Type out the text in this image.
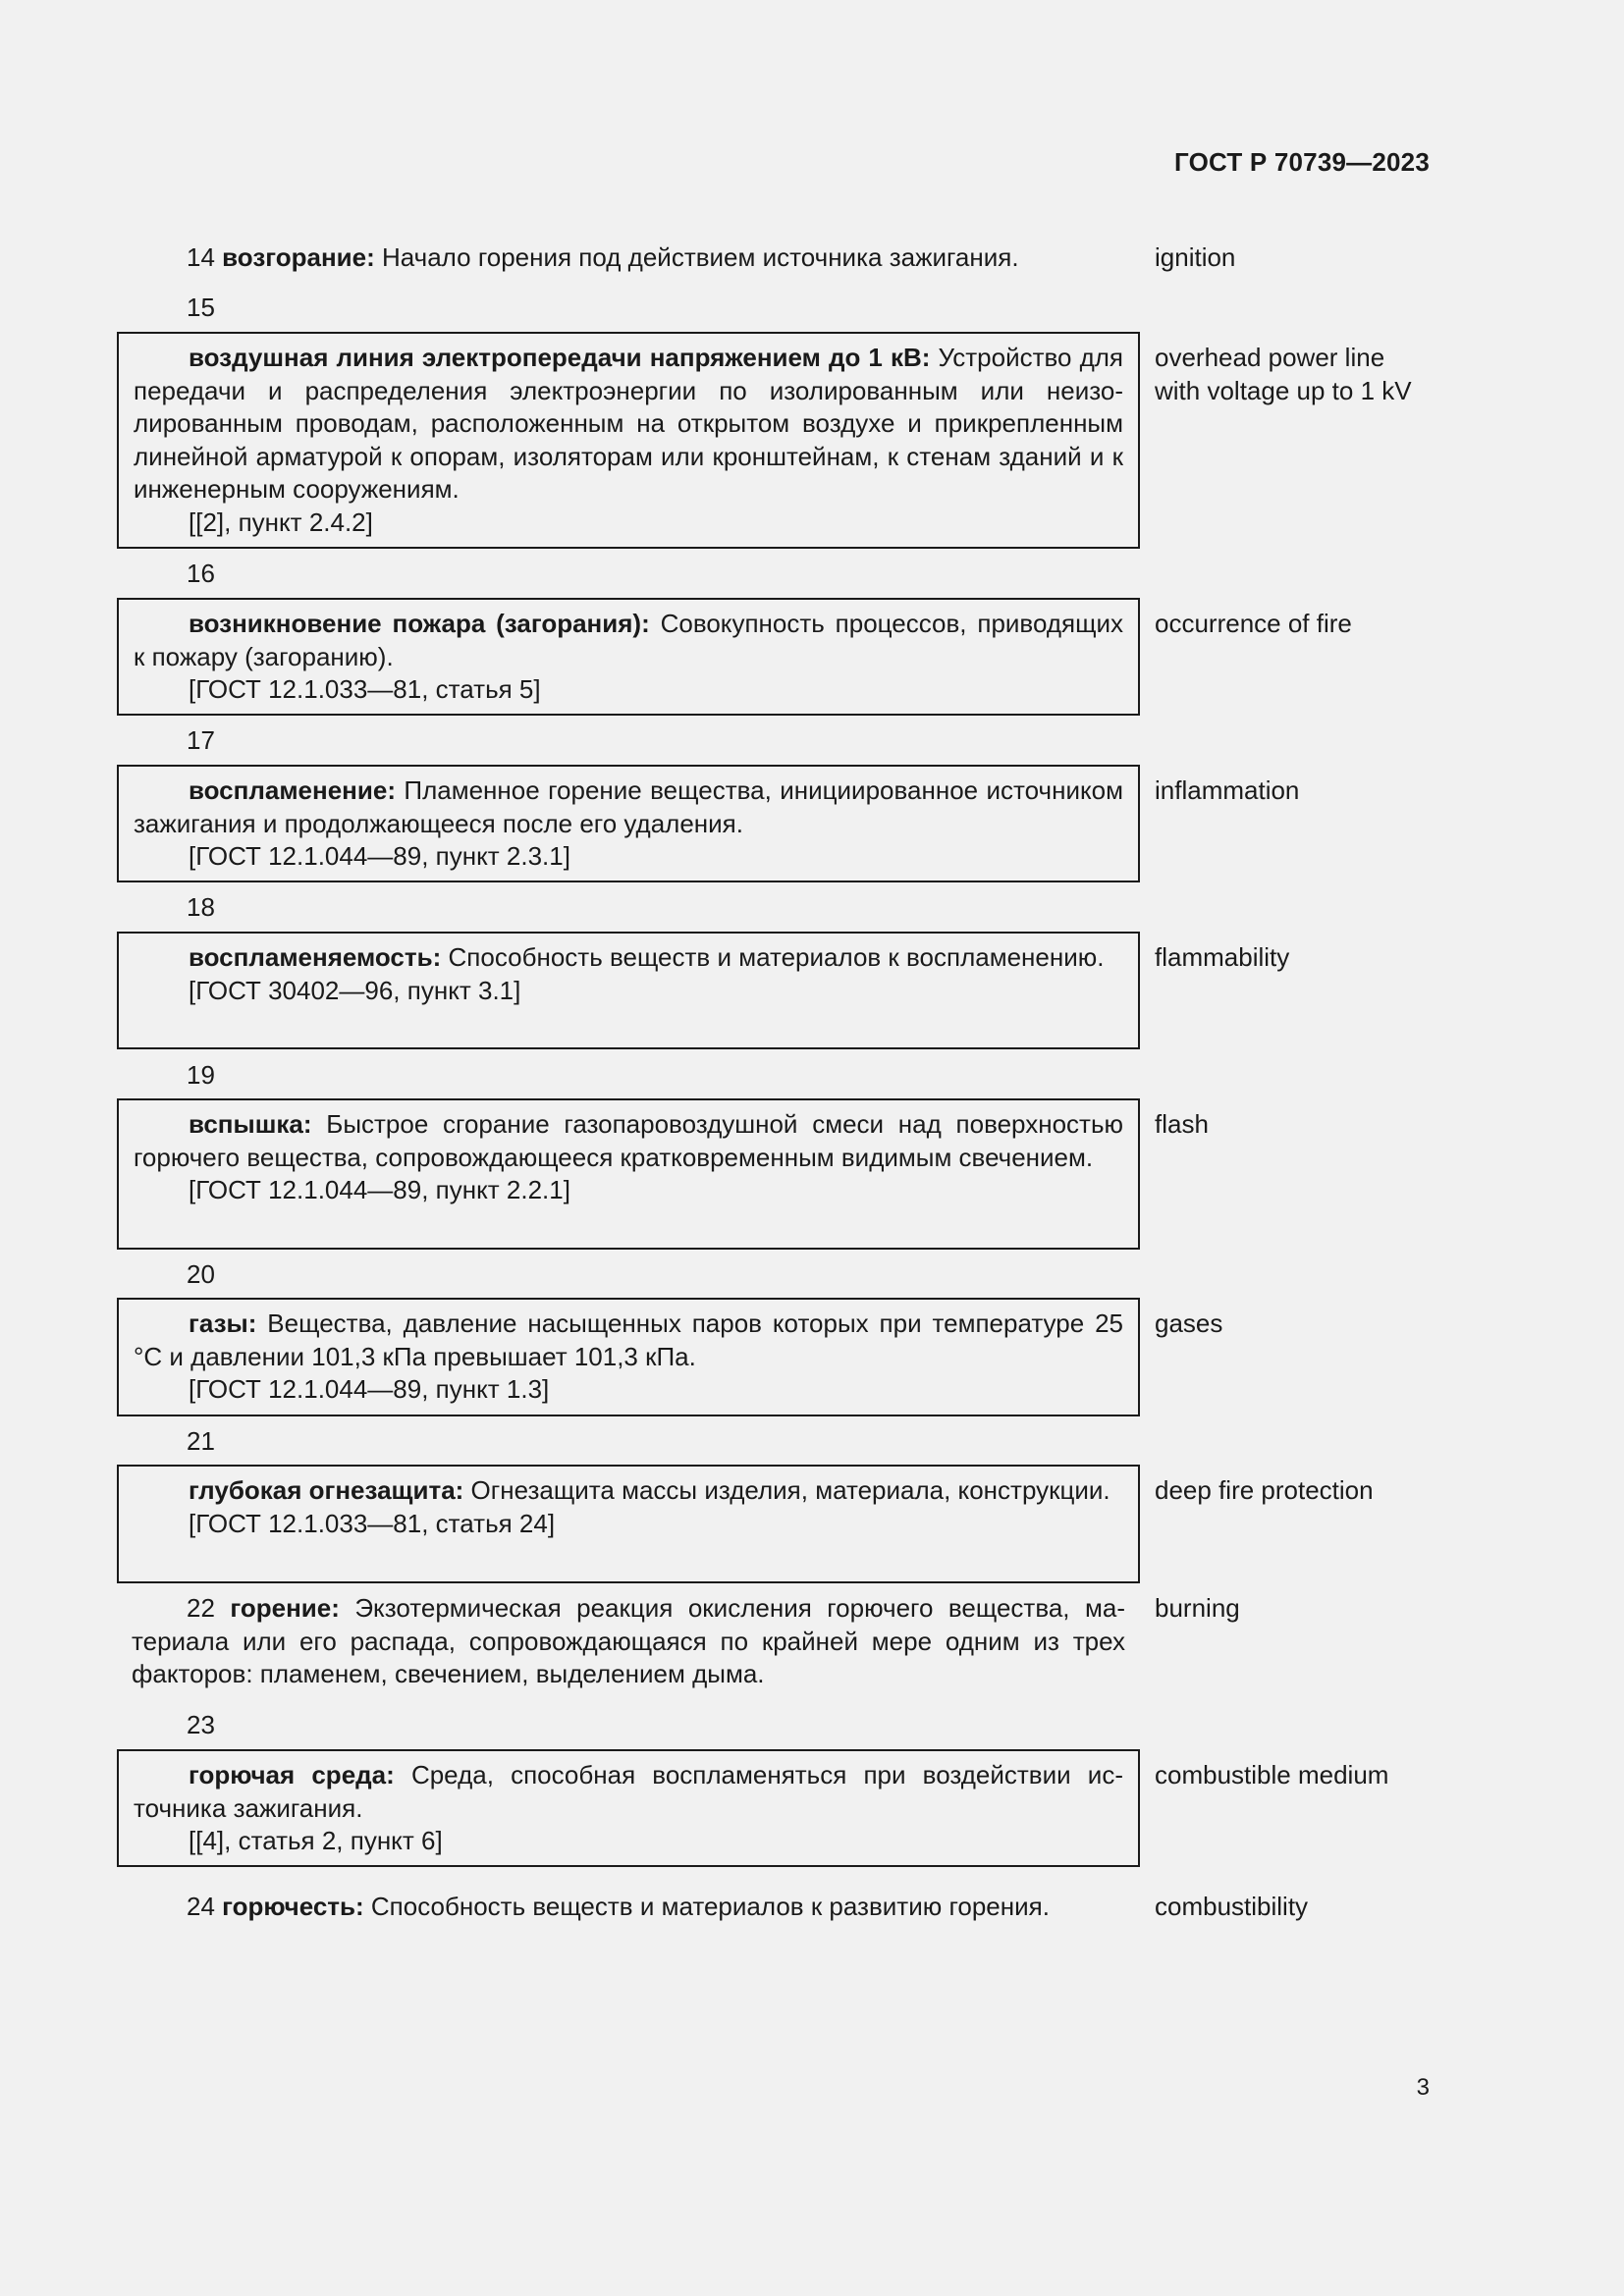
ГОСТ Р 70739—2023

14 возгорание: Начало горения под действием источника зажигания.	ignition
15

воздушная линия электропередачи напряжением до 1 кВ: Устройство для передачи и распределения электроэнергии по изолированным или неизолированным проводам, расположенным на открытом воздухе и прикрепленным линейной арматурой к опорам, изоляторам или кронштейнам, к стенам зданий и к инженерным сооружениям.

[[2], пункт 2.4.2]

overhead power line with voltage up to 1 kV
16

возникновение пожара (загорания): Совокупность процессов, приводящих к пожару (загоранию).

[ГОСТ 12.1.033—81, статья 5]

occurrence of fire
17

воспламенение: Пламенное горение вещества, инициированное источником зажигания и продолжающееся после его удаления.

[ГОСТ 12.1.044—89, пункт 2.3.1]

inflammation
18

воспламеняемость: Способность веществ и материалов к воспламенению.

[ГОСТ 30402—96, пункт 3.1]

flammability
19

вспышка: Быстрое сгорание газопаровоздушной смеси над поверхностью горючего вещества, сопровождающееся кратковременным видимым свечением.

[ГОСТ 12.1.044—89, пункт 2.2.1]

flash
20

газы: Вещества, давление насыщенных паров которых при температуре 25 °С и давлении 101,3 кПа превышает 101,3 кПа.

[ГОСТ 12.1.044—89, пункт 1.3]

gases
21

глубокая огнезащита: Огнезащита массы изделия, материала, конструкции.

[ГОСТ 12.1.033—81, статья 24]

deep fire protection

22 горение: Экзотермическая реакция окисления горючего вещества, материала или его распада, сопровождающаяся по крайней мере одним из трех факторов: пламенем, свечением, выделением дыма.

burning
23

горючая среда: Среда, способная воспламеняться при воздействии источника зажигания.

[[4], статья 2, пункт 6]

combustible medium

24 горючесть: Способность веществ и материалов к развитию горения.	combustibility
3
